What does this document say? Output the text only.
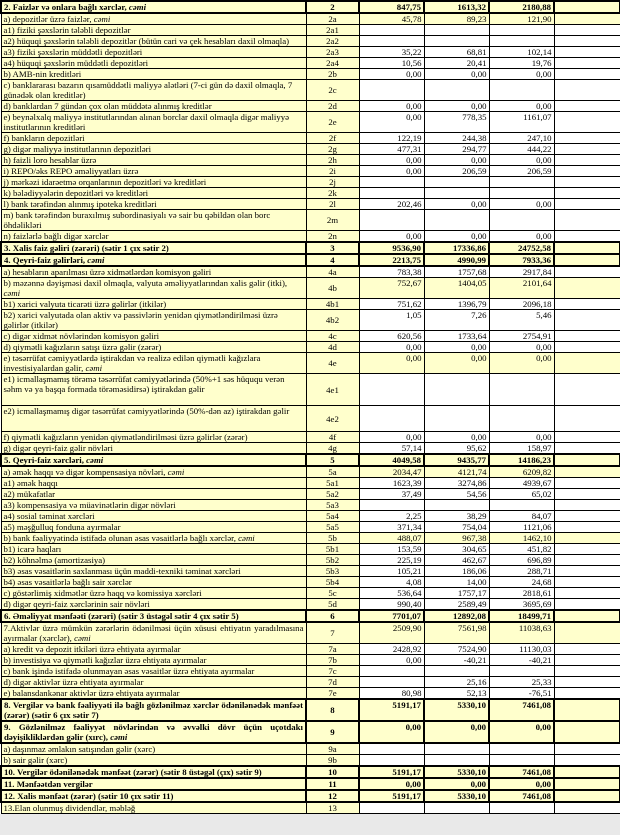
2. Faizlər və onlara bağlı xərclər, cəmi	2	847,75	1613,32	2180,88	
a) depozitlər üzrə faizlər, cəmi	2a	45,78	89,23	121,90	
a1) fiziki şəxslərin tələbli depozitlər	2a1				
a2) hüquqi şəxslərin tələbli depozitlər (bütün cari və çek hesabları daxil olmaqla)	2a2				
a3) fiziki şəxslərin müddətli depozitləri	2a3	35,22	68,81	102,14	
a4) hüquqi şəxslərin müddətli depozitləri	2a4	10,56	20,41	19,76	
b) AMB-nin kreditləri	2b	0,00	0,00	0,00	
c) banklararası bazarın qısamüddətli maliyyə alətləri (7-ci gün də daxil olmaqla, 7 günədək olan kreditlər)	2c				
d) banklardan 7 gündən çox olan müddətə alınmış kreditlər	2d	0,00	0,00	0,00	
e) beynəlxalq maliyyə institutlarından alınan borclar daxil olmaqla digər maliyyə institutlarının kreditləri	2e	0,00	778,35	1161,07	
f) bankların depozitləri	2f	122,19	244,38	247,10	
g) digər maliyyə institutlarının depozitləri	2g	477,31	294,77	444,22	
h) faizli loro hesablar üzrə	2h	0,00	0,00	0,00	
i) REPO/əks REPO əməliyyatları üzrə	2i	0,00	206,59	206,59	
j) mərkəzi idarəetmə orqanlarının depozitləri və kreditləri	2j				
k) bələdiyyələrin depozitləri və kreditləri	2k				
l) bank tərəfindən alınmış ipoteka kreditləri	2l	202,46	0,00	0,00	
m) bank tərəfindən buraxılmış subordinasiyalı və sair bu qəbildən olan borc öhdəlikləri	2m				
n) faizlərlə bağlı digər xərclər	2n	0,00	0,00	0,00	
3. Xalis faiz gəliri (zərəri) (sətir 1 çıx sətir 2)	3	9536,90	17336,86	24752,58	
4. Qeyri-faiz gəlirləri, cəmi	4	2213,75	4990,99	7933,36	
a) hesabların aparılması üzrə xidmətlərdən komisyon gəliri	4a	783,38	1757,68	2917,84	
b) məzənnə dəyişməsi daxil olmaqla, valyuta əməliyyatlarından xalis gəlir (itki), cəmi	4b	752,67	1404,05	2101,64	
b1) xarici valyuta ticarəti üzrə gəlirlər (itkilər)	4b1	751,62	1396,79	2096,18	
b2) xarici valyutada olan aktiv və passivlərin yenidən qiymətləndirilməsi üzrə gəlirlər (itkilər)	4b2	1,05	7,26	5,46	
c) digər xidmət növlərindən komisyon gəliri	4c	620,56	1733,64	2754,91	
d) qiymətli kağızların satışı üzrə gəlir (zərər)	4d	0,00	0,00	0,00	
e) təsərrüfat cəmiyyətlərdə iştirakdan və realizə edilən qiymətli kağızlara investisiyalardan gəlir, cəmi	4e	0,00	0,00	0,00	
e1) icmallaşmamış törəmə təsərrüfat cəmiyyətlərində (50%+1 səs hüququ verən səhm və ya başqa formada törəməsidirsə) iştirakdan gəlir	4e1				
e2) icmallaşmamış digər təsərrüfat cəmiyyətlərində (50%-dən az) iştirakdan gəlir	4e2				
f) qiymətli kağızların yenidən qiymətləndirilməsi üzrə gəlirlər (zərər)	4f	0,00	0,00	0,00	
g) digər qeyri-faiz gəlir növləri	4g	57,14	95,62	158,97	
5. Qeyri-faiz xərcləri, cəmi	5	4049,58	9435,77	14186,23	
a) əmək haqqı və digər kompensasiya növləri, cəmi	5a	2034,47	4121,74	6209,82	
a1) əmək haqqı	5a1	1623,39	3274,86	4939,67	
a2) mükafatlar	5a2	37,49	54,56	65,02	
a3) kompensasiya və müavinətlərin digər növləri	5a3				
a4) sosial təminat xərcləri	5a4	2,25	38,29	84,07	
a5) məşğulluq fonduna ayırmalar	5a5	371,34	754,04	1121,06	
b) bank fəaliyyətində istifadə olunan əsas vəsaitlərlə bağlı xərclər, cəmi	5b	488,07	967,38	1462,10	
b1) icarə haqları	5b1	153,59	304,65	451,82	
b2) köhnəlmə (amortizasiya)	5b2	225,19	462,67	696,89	
b3) əsas vəsaitlərin saxlanması üçün maddi-texniki təminat xərcləri	5b3	105,21	186,06	288,71	
b4) əsas vəsaitlərlə bağlı sair xərclər	5b4	4,08	14,00	24,68	
c) göstərlimiş xidmətlər üzrə haqq və komissiya xərcləri	5c	536,64	1757,17	2818,61	
d) digər qeyri-faiz xərclərinin sair növləri	5d	990,40	2589,49	3695,69	
6. Əməliyyat mənfəəti (zərəri) (sətir 3 üstəgəl sətir 4 çıx sətir 5)	6	7701,07	12892,08	18499,71	
7.Aktivlər üzrə mümkün zərərlərin ödənilməsi üçün xüsusi ehtiyatın yaradılmasına ayırmalar (xərclər), cəmi	7	2509,90	7561,98	11038,63	
a) kredit və depozit itkiləri üzrə ehtiyata ayırmalar	7a	2428,92	7524,90	11130,03	
b) investisiya və qiymətli kağızlar üzrə ehtiyata ayırmalar	7b	0,00	-40,21	-40,21	
c) bank işində istifadə olunmayan əsas vəsaitlər üzrə ehtiyata ayırmalar	7c				
d) digər aktivlər üzrə ehtiyata ayırmalar	7d		25,16	25,33	
e) balansdankənar aktivlər üzrə ehtiyata ayırmalar	7e	80,98	52,13	-76,51	
8. Vergilər və bank fəaliyyəti ilə bağlı gözlənilməz xərclər ödənilənədək mənfəət (zərər) (sətir 6 çıx sətir 7)	8	5191,17	5330,10	7461,08	
9. Gözlənilməz fəaliyyət növlərindən və əvvəlki dövr üçün uçotdakı dəyişikliklərdən gəlir (xırc), cəmi	9	0,00	0,00	0,00	
a) daşınmaz əmlakın satışından gəlir (xərc)	9a				
b) sair gəlir (xərc)	9b				
10. Vergilər ödənilənədək mənfəət (zərər) (sətir 8 üstəgəl (çıx) sətir 9)	10	5191,17	5330,10	7461,08	
11. Mənfəətdən vergilər	11	0,00	0,00	0,00	
12. Xalis mənfəət (zərər) (sətir 10 çıx sətir 11)	12	5191,17	5330,10	7461,08	
13.Elan olunmuş dividendlər, məbləğ	13				
